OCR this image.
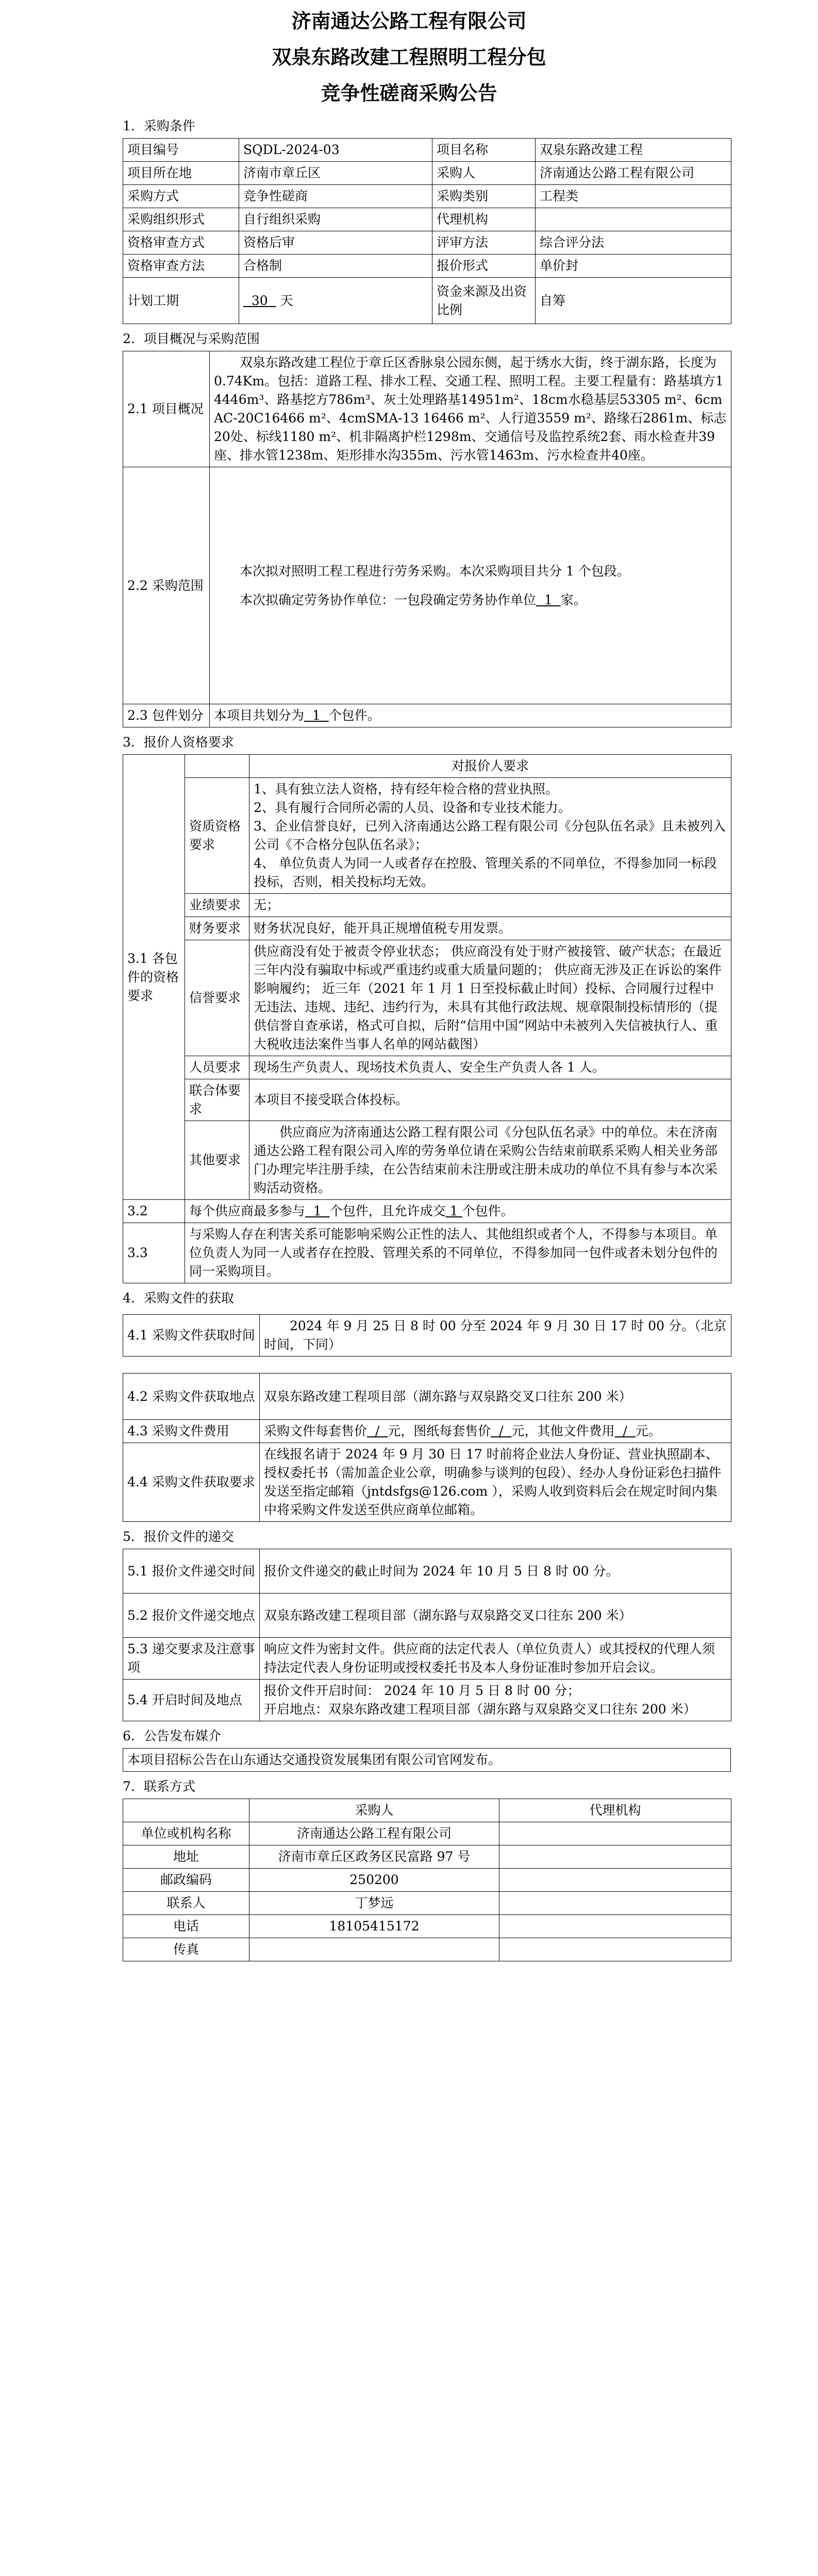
济南通达公路工程有限公司
双泉东路改建工程照明工程分包
竞争性磋商采购公告
1．采购条件
项目编号	SQDL-2024-03	项目名称	双泉东路改建工程
项目所在地	济南市章丘区	采购人	济南通达公路工程有限公司
采购方式	竞争性磋商	采购类别	工程类
采购组织形式	自行组织采购	代理机构	
资格审查方式	资格后审	评审方法	综合评分法
资格审查方法	合格制	报价形式	单价封
计划工期	30 天	资金来源及出资比例	自筹
2．项目概况与采购范围
2.1 项目概况	双泉东路改建工程位于章丘区香脉泉公园东侧，起于绣水大街，终于湖东路，长度为0.74Km。包括：道路工程、排水工程、交通工程、照明工程。主要工程量有：路基填方14446m³、路基挖方786m³、灰土处理路基14951m²、18cm水稳基层53305 m²、6cmAC-20C16466 m²、4cmSMA-13 16466 m²、人行道3559 m²、路缘石2861m、标志20处、标线1180 m²、机非隔离护栏1298m、交通信号及监控系统2套、雨水检查井39座、排水管1238m、矩形排水沟355m、污水管1463m、污水检查井40座。
2.2 采购范围	本次拟对照明工程工程进行劳务采购。本次采购项目共分 1 个包段。
本次拟确定劳务协作单位：一包段确定劳务协作单位 1 家。

2.3 包件划分	本项目共划分为 1 个包件。
3．报价人资格要求
3.1 各包件的资格要求		对报价人要求
	资质资格要求	1、具有独立法人资格，持有经年检合格的营业执照。
2、具有履行合同所必需的人员、设备和专业技术能力。
3、企业信誉良好，已列入济南通达公路工程有限公司《分包队伍名录》且未被列入公司《不合格分包队伍名录》；
4、 单位负责人为同一人或者存在控股、管理关系的不同单位，不得参加同一标段投标，否则，相关投标均无效。

	业绩要求	无；
	财务要求	财务状况良好，能开具正规增值税专用发票。
	信誉要求	供应商没有处于被责令停业状态； 供应商没有处于财产被接管、破产状态；在最近三年内没有骗取中标或严重违约或重大质量问题的； 供应商无涉及正在诉讼的案件影响履约； 近三年（2021 年 1 月 1 日至投标截止时间）投标、合同履行过程中无违法、违规、违纪、违约行为，未具有其他行政法规、规章限制投标情形的（提供信誉自查承诺，格式可自拟，后附“信用中国”网站中未被列入失信被执行人、重大税收违法案件当事人名单的网站截图）
	人员要求	现场生产负责人、现场技术负责人、安全生产负责人各 1 人。
	联合体要求	本项目不接受联合体投标。
	其他要求	供应商应为济南通达公路工程有限公司《分包队伍名录》中的单位。未在济南通达公路工程有限公司入库的劳务单位请在采购公告结束前联系采购人相关业务部门办理完毕注册手续，在公告结束前未注册或注册未成功的单位不具有参与本次采购活动资格。
3.2	每个供应商最多参与 1 个包件，且允许成交 1 个包件。	
3.3	与采购人存在利害关系可能影响采购公正性的法人、其他组织或者个人，不得参与本项目。单位负责人为同一人或者存在控股、管理关系的不同单位，不得参加同一包件或者未划分包件的同一采购项目。	
4．采购文件的获取
4.1 采购文件获取时间	2024 年 9 月 25 日 8 时 00 分至 2024 年 9 月 30 日 17 时 00 分。（北京时间，下同）
4.2 采购文件获取地点	双泉东路改建工程项目部（湖东路与双泉路交叉口往东 200 米）
4.3 采购文件费用	采购文件每套售价 / 元，图纸每套售价 / 元，其他文件费用 / 元。
4.4 采购文件获取要求	在线报名请于 2024 年 9 月 30 日 17 时前将企业法人身份证、营业执照副本、授权委托书（需加盖企业公章，明确参与谈判的包段）、经办人身份证彩色扫描件发送至指定邮箱（jntdsfgs@126.com ），采购人收到资料后会在规定时间内集中将采购文件发送至供应商单位邮箱。
5．报价文件的递交
5.1 报价文件递交时间	报价文件递交的截止时间为 2024 年 10 月 5 日 8 时 00 分。
5.2 报价文件递交地点	双泉东路改建工程项目部（湖东路与双泉路交叉口往东 200 米）
5.3 递交要求及注意事项	响应文件为密封文件。供应商的法定代表人（单位负责人）或其授权的代理人须持法定代表人身份证明或授权委托书及本人身份证准时参加开启会议。
5.4 开启时间及地点	报价文件开启时间： 2024 年 10 月 5 日 8 时 00 分；
开启地点：双泉东路改建工程项目部（湖东路与双泉路交叉口往东 200 米）
6．公告发布媒介
本项目招标公告在山东通达交通投资发展集团有限公司官网发布。
7．联系方式
	采购人	代理机构
单位或机构名称	济南通达公路工程有限公司	
地址	济南市章丘区政务区民富路 97 号	
邮政编码	250200	
联系人	丁梦远	
电话	18105415172	
传真		
